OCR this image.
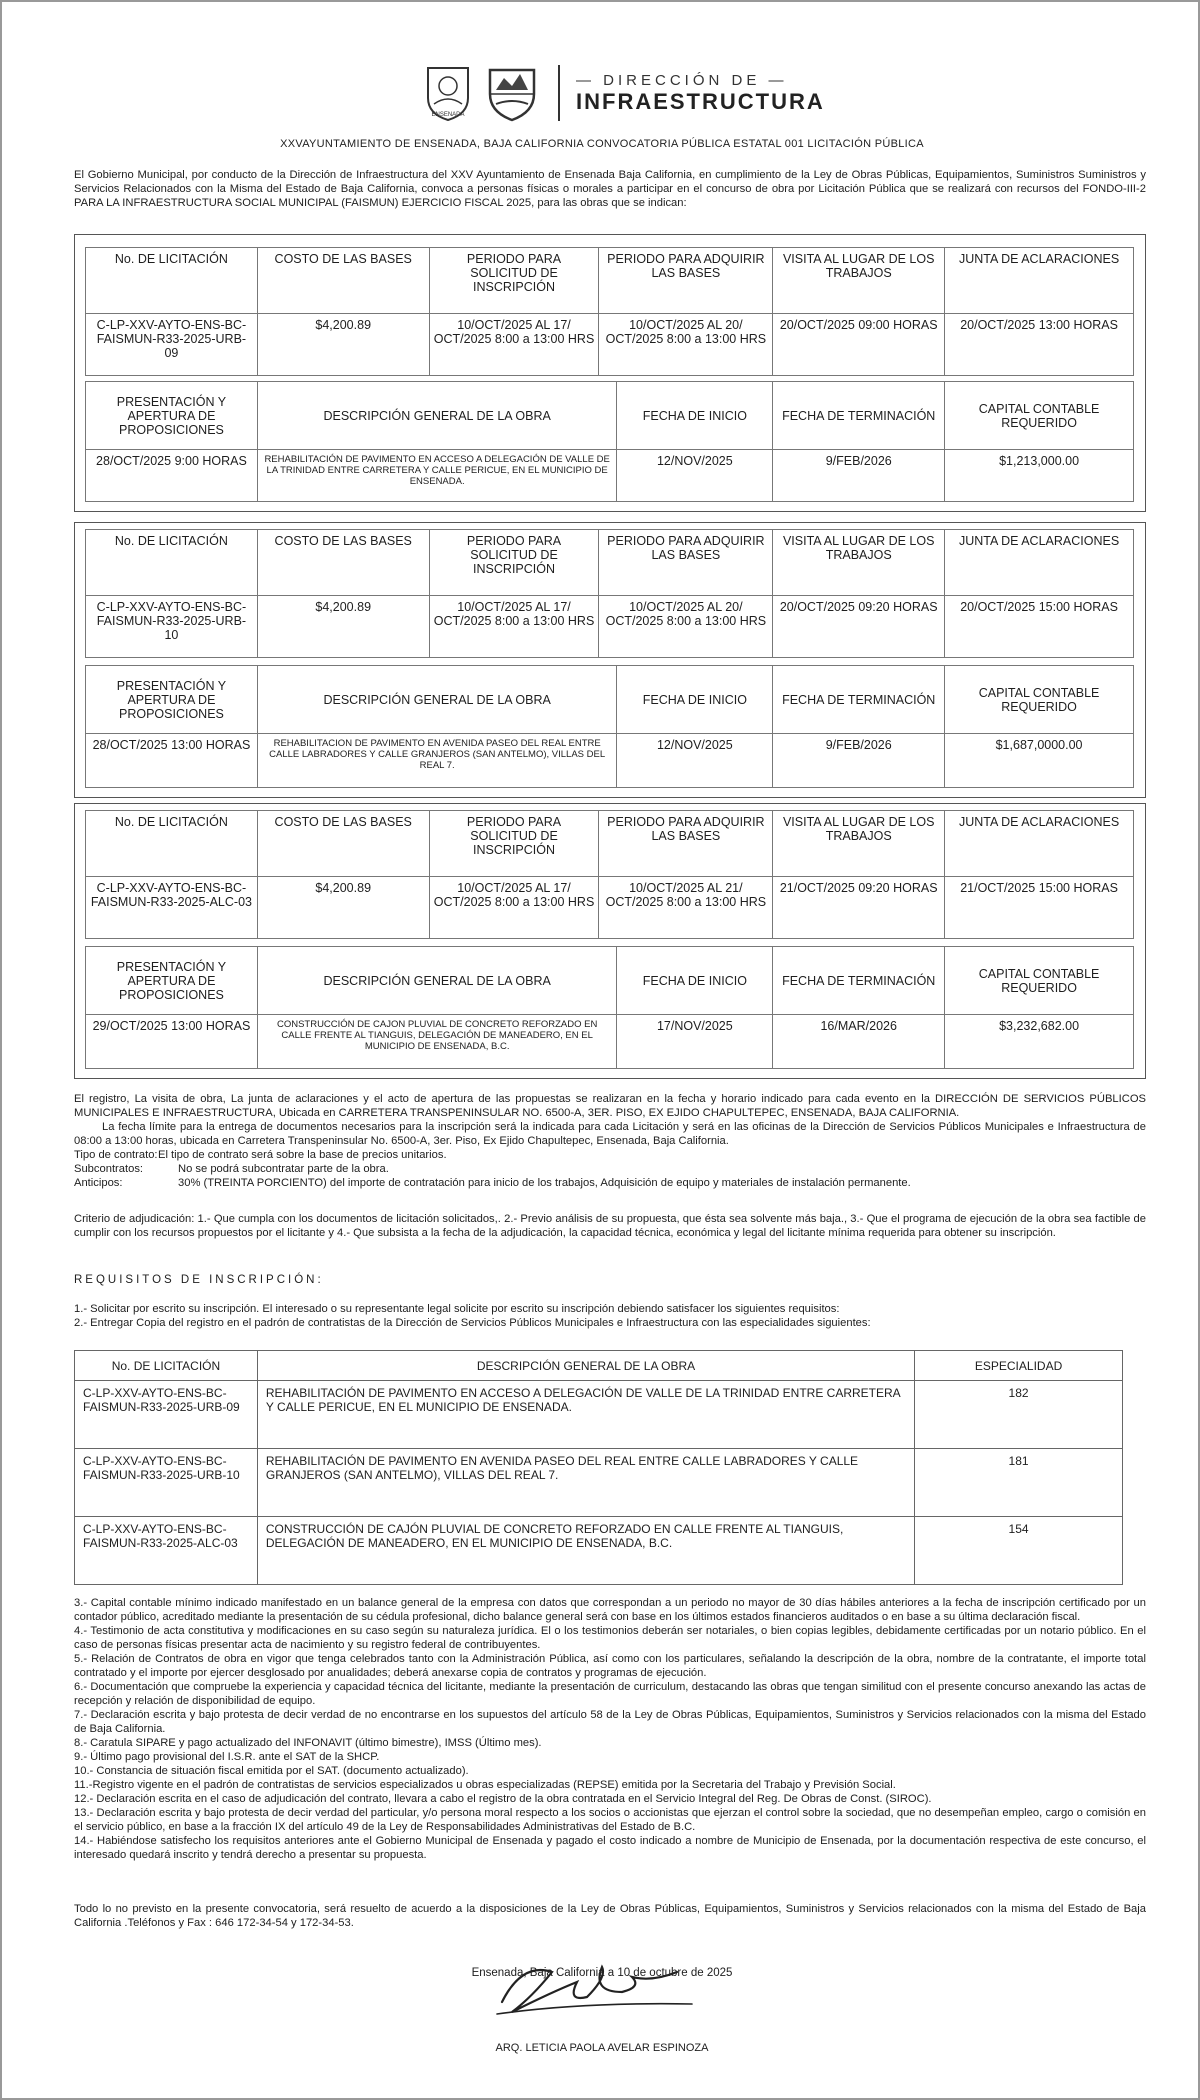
ENSENADA
— DIRECCIÓN DE —
INFRAESTRUCTURA
XXVAYUNTAMIENTO DE ENSENADA, BAJA CALIFORNIA CONVOCATORIA PÚBLICA ESTATAL 001 LICITACIÓN PÚBLICA
El Gobierno Municipal, por conducto de la Dirección de Infraestructura del XXV Ayuntamiento de Ensenada Baja California, en cumplimiento de la Ley de Obras Públicas, Equipamientos, Suministros Suministros y Servicios Relacionados con la Misma del Estado de Baja California, convoca a personas físicas o morales a participar en el concurso de obra por Licitación Pública que se realizará con recursos del FONDO-III-2 PARA LA INFRAESTRUCTURA SOCIAL MUNICIPAL (FAISMUN) EJERCICIO FISCAL 2025, para las obras que se indican:
No. DE LICITACIÓN	COSTO DE LAS BASES	PERIODO PARA SOLICITUD DE INSCRIPCIÓN	PERIODO PARA ADQUIRIR LAS BASES	VISITA AL LUGAR DE LOS TRABAJOS	JUNTA DE ACLARACIONES
C-LP-XXV-AYTO-ENS-BC-FAISMUN-R33-2025-URB-09	$4,200.89	10/OCT/2025 AL 17/ OCT/2025 8:00 a 13:00 HRS	10/OCT/2025 AL 20/ OCT/2025 8:00 a 13:00 HRS	20/OCT/2025 09:00 HORAS	20/OCT/2025 13:00 HORAS
PRESENTACIÓN Y APERTURA DE PROPOSICIONES	DESCRIPCIÓN GENERAL DE LA OBRA	FECHA DE INICIO	FECHA DE TERMINACIÓN	CAPITAL CONTABLE REQUERIDO
28/OCT/2025 9:00 HORAS	REHABILITACIÓN DE PAVIMENTO EN ACCESO A DELEGACIÓN DE VALLE DE LA TRINIDAD ENTRE CARRETERA Y CALLE PERICUE, EN EL MUNICIPIO DE ENSENADA.	12/NOV/2025	9/FEB/2026	$1,213,000.00
No. DE LICITACIÓN	COSTO DE LAS BASES	PERIODO PARA SOLICITUD DE INSCRIPCIÓN	PERIODO PARA ADQUIRIR LAS BASES	VISITA AL LUGAR DE LOS TRABAJOS	JUNTA DE ACLARACIONES
C-LP-XXV-AYTO-ENS-BC-FAISMUN-R33-2025-URB-10	$4,200.89	10/OCT/2025 AL 17/ OCT/2025 8:00 a 13:00 HRS	10/OCT/2025 AL 20/ OCT/2025 8:00 a 13:00 HRS	20/OCT/2025 09:20 HORAS	20/OCT/2025 15:00 HORAS
PRESENTACIÓN Y APERTURA DE PROPOSICIONES	DESCRIPCIÓN GENERAL DE LA OBRA	FECHA DE INICIO	FECHA DE TERMINACIÓN	CAPITAL CONTABLE REQUERIDO
28/OCT/2025 13:00 HORAS	REHABILITACION DE PAVIMENTO EN AVENIDA PASEO DEL REAL ENTRE CALLE LABRADORES Y CALLE GRANJEROS (SAN ANTELMO), VILLAS DEL REAL 7.	12/NOV/2025	9/FEB/2026	$1,687,0000.00
No. DE LICITACIÓN	COSTO DE LAS BASES	PERIODO PARA SOLICITUD DE INSCRIPCIÓN	PERIODO PARA ADQUIRIR LAS BASES	VISITA AL LUGAR DE LOS TRABAJOS	JUNTA DE ACLARACIONES
C-LP-XXV-AYTO-ENS-BC-FAISMUN-R33-2025-ALC-03	$4,200.89	10/OCT/2025 AL 17/ OCT/2025 8:00 a 13:00 HRS	10/OCT/2025 AL 21/ OCT/2025 8:00 a 13:00 HRS	21/OCT/2025 09:20 HORAS	21/OCT/2025 15:00 HORAS
PRESENTACIÓN Y APERTURA DE PROPOSICIONES	DESCRIPCIÓN GENERAL DE LA OBRA	FECHA DE INICIO	FECHA DE TERMINACIÓN	CAPITAL CONTABLE REQUERIDO
29/OCT/2025 13:00 HORAS	CONSTRUCCIÓN DE CAJON PLUVIAL DE CONCRETO REFORZADO EN CALLE FRENTE AL TIANGUIS, DELEGACIÓN DE MANEADERO, EN EL MUNICIPIO DE ENSENADA, B.C.	17/NOV/2025	16/MAR/2026	$3,232,682.00
El registro, La visita de obra, La junta de aclaraciones y el acto de apertura de las propuestas se realizaran en la fecha y horario indicado para cada evento en la DIRECCIÓN DE SERVICIOS PÚBLICOS MUNICIPALES E INFRAESTRUCTURA, Ubicada en CARRETERA TRANSPENINSULAR NO. 6500-A, 3ER. PISO, EX EJIDO CHAPULTEPEC, ENSENADA, BAJA CALIFORNIA.
La fecha límite para la entrega de documentos necesarios para la inscripción será la indicada para cada Licitación y será en las oficinas de la Dirección de Servicios Públicos Municipales e Infraestructura de 08:00 a 13:00 horas, ubicada en Carretera Transpeninsular No. 6500-A, 3er. Piso, Ex Ejido Chapultepec, Ensenada, Baja California.
Tipo de contrato:El tipo de contrato será sobre la base de precios unitarios.
Subcontratos:	No se podrá subcontratar parte de la obra.
Anticipos:	30% (TREINTA PORCIENTO) del importe de contratación para inicio de los trabajos, Adquisición de equipo y materiales de instalación permanente.
Criterio de adjudicación: 1.- Que cumpla con los documentos de licitación solicitados,. 2.- Previo análisis de su propuesta, que ésta sea solvente más baja., 3.- Que el programa de ejecución de la obra sea factible de cumplir con los recursos propuestos por el licitante y 4.- Que subsista a la fecha de la adjudicación, la capacidad técnica, económica y legal del licitante mínima requerida para obtener su inscripción.
REQUISITOS DE INSCRIPCIÓN:
1.- Solicitar por escrito su inscripción. El interesado o su representante legal solicite por escrito su inscripción debiendo satisfacer los siguientes requisitos:
2.- Entregar Copia del registro en el padrón de contratistas de la Dirección de Servicios Públicos Municipales e Infraestructura con las especialidades siguientes:
No. DE LICITACIÓN	DESCRIPCIÓN GENERAL DE LA OBRA	ESPECIALIDAD
C-LP-XXV-AYTO-ENS-BC-FAISMUN-R33-2025-URB-09	REHABILITACIÓN DE PAVIMENTO EN ACCESO A DELEGACIÓN DE VALLE DE LA TRINIDAD ENTRE CARRETERA Y CALLE PERICUE, EN EL MUNICIPIO DE ENSENADA.	182
C-LP-XXV-AYTO-ENS-BC-FAISMUN-R33-2025-URB-10	REHABILITACIÓN DE PAVIMENTO EN AVENIDA PASEO DEL REAL ENTRE CALLE LABRADORES Y CALLE GRANJEROS (SAN ANTELMO), VILLAS DEL REAL 7.	181
C-LP-XXV-AYTO-ENS-BC-FAISMUN-R33-2025-ALC-03	CONSTRUCCIÓN DE CAJÓN PLUVIAL DE CONCRETO REFORZADO EN CALLE FRENTE AL TIANGUIS, DELEGACIÓN DE MANEADERO, EN EL MUNICIPIO DE ENSENADA, B.C.	154
3.- Capital contable mínimo indicado manifestado en un balance general de la empresa con datos que correspondan a un periodo no mayor de 30 días hábiles anteriores a la fecha de inscripción certificado por un contador público, acreditado mediante la presentación de su cédula profesional, dicho balance general será con base en los últimos estados financieros auditados o en base a su última declaración fiscal.
4.- Testimonio de acta constitutiva y modificaciones en su caso según su naturaleza jurídica. El o los testimonios deberán ser notariales, o bien copias legibles, debidamente certificadas por un notario público. En el caso de personas físicas presentar acta de nacimiento y su registro federal de contribuyentes.
5.- Relación de Contratos de obra en vigor que tenga celebrados tanto con la Administración Pública, así como con los particulares, señalando la descripción de la obra, nombre de la contratante, el importe total contratado y el importe por ejercer desglosado por anualidades; deberá anexarse copia de contratos y programas de ejecución.
6.- Documentación que compruebe la experiencia y capacidad técnica del licitante, mediante la presentación de curriculum, destacando las obras que tengan similitud con el presente concurso anexando las actas de recepción y relación de disponibilidad de equipo.
7.- Declaración escrita y bajo protesta de decir verdad de no encontrarse en los supuestos del artículo 58 de la Ley de Obras Públicas, Equipamientos, Suministros y Servicios relacionados con la misma del Estado de Baja California.
8.- Caratula SIPARE y pago actualizado del INFONAVIT (último bimestre), IMSS (Último mes).
9.- Último pago provisional del I.S.R. ante el SAT de la SHCP.
10.- Constancia de situación fiscal emitida por el SAT. (documento actualizado).
11.-Registro vigente en el padrón de contratistas de servicios especializados u obras especializadas (REPSE) emitida por la Secretaria del Trabajo y Previsión Social.
12.- Declaración escrita en el caso de adjudicación del contrato, llevara a cabo el registro de la obra contratada en el Servicio Integral del Reg. De Obras de Const. (SIROC).
13.- Declaración escrita y bajo protesta de decir verdad del particular, y/o persona moral respecto a los socios o accionistas que ejerzan el control sobre la sociedad, que no desempeñan empleo, cargo o comisión en el servicio público, en base a la fracción IX del artículo 49 de la Ley de Responsabilidades Administrativas del Estado de B.C.
14.- Habiéndose satisfecho los requisitos anteriores ante el Gobierno Municipal de Ensenada y pagado el costo indicado a nombre de Municipio de Ensenada, por la documentación respectiva de este concurso, el interesado quedará inscrito y tendrá derecho a presentar su propuesta.
Todo lo no previsto en la presente convocatoria, será resuelto de acuerdo a la disposiciones de la Ley de Obras Públicas, Equipamientos, Suministros y Servicios relacionados con la misma del Estado de Baja California .Teléfonos y Fax : 646 172-34-54 y 172-34-53.
Ensenada, Baja California a 10 de octubre de 2025
ARQ. LETICIA PAOLA AVELAR ESPINOZA
